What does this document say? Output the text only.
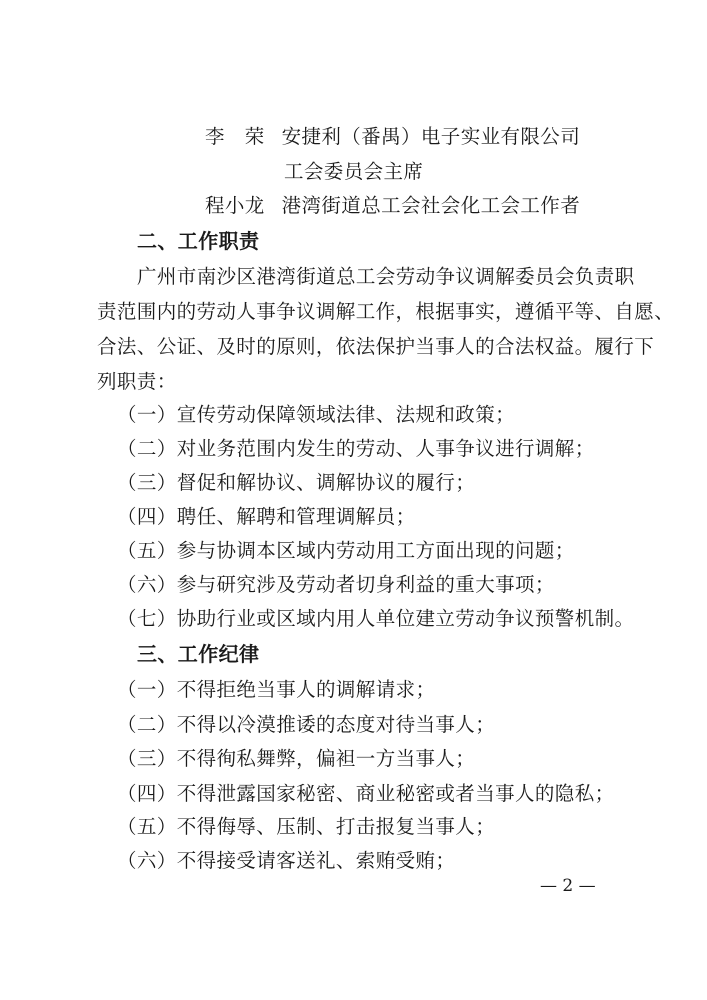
李　荣 安捷利（番禺）电子实业有限公司
工会委员会主席
程小龙 港湾街道总工会社会化工会工作者
二、工作职责
广州市南沙区港湾街道总工会劳动争议调解委员会负责职
责范围内的劳动人事争议调解工作，根据事实，遵循平等、自愿、
合法、公证、及时的原则，依法保护当事人的合法权益。履行下
列职责：
（一）宣传劳动保障领域法律、法规和政策；
（二）对业务范围内发生的劳动、人事争议进行调解；
（三）督促和解协议、调解协议的履行；
（四）聘任、解聘和管理调解员；
（五）参与协调本区域内劳动用工方面出现的问题；
（六）参与研究涉及劳动者切身利益的重大事项；
（七）协助行业或区域内用人单位建立劳动争议预警机制。
三、工作纪律
（一）不得拒绝当事人的调解请求；
（二）不得以冷漠推诿的态度对待当事人；
（三）不得徇私舞弊，偏袒一方当事人；
（四）不得泄露国家秘密、商业秘密或者当事人的隐私；
（五）不得侮辱、压制、打击报复当事人；
（六）不得接受请客送礼、索贿受贿；
— 2 —
